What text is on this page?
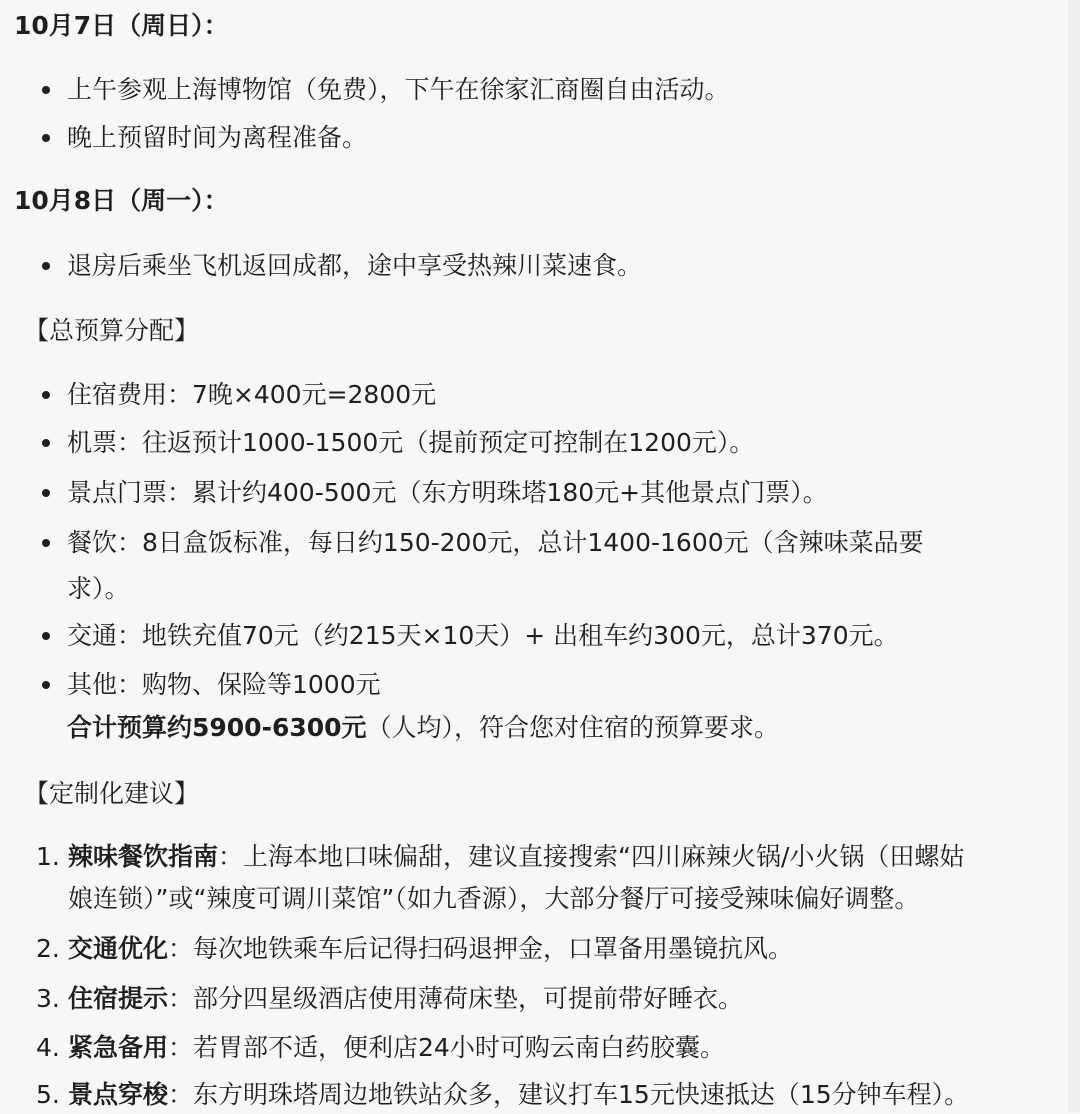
10月7日（周日）：
上午参观上海博物馆（免费），下午在徐家汇商圈自由活动。
晚上预留时间为离程准备。
10月8日（周一）：
退房后乘坐飞机返回成都，途中享受热辣川菜速食。
【总预算分配】
住宿费用：7晚×400元=2800元
机票：往返预计1000-1500元（提前预定可控制在1200元）。
景点门票：累计约400-500元（东方明珠塔180元+其他景点门票）。
餐饮：8日盒饭标准，每日约150-200元，总计1400-1600元（含辣味菜品要
求）。
交通：地铁充值70元（约215天×10天）+ 出租车约300元，总计370元。
其他：购物、保险等1000元
合计预算约5900-6300元（人均），符合您对住宿的预算要求。
【定制化建议】
1. 辣味餐饮指南：上海本地口味偏甜，建议直接搜索“四川麻辣火锅/小火锅（田螺姑
娘连锁）”或“辣度可调川菜馆”（如九香源），大部分餐厅可接受辣味偏好调整。
2. 交通优化：每次地铁乘车后记得扫码退押金，口罩备用墨镜抗风。
3. 住宿提示：部分四星级酒店使用薄荷床垫，可提前带好睡衣。
4. 紧急备用：若胃部不适，便利店24小时可购云南白药胶囊。
5. 景点穿梭：东方明珠塔周边地铁站众多，建议打车15元快速抵达（15分钟车程）。
